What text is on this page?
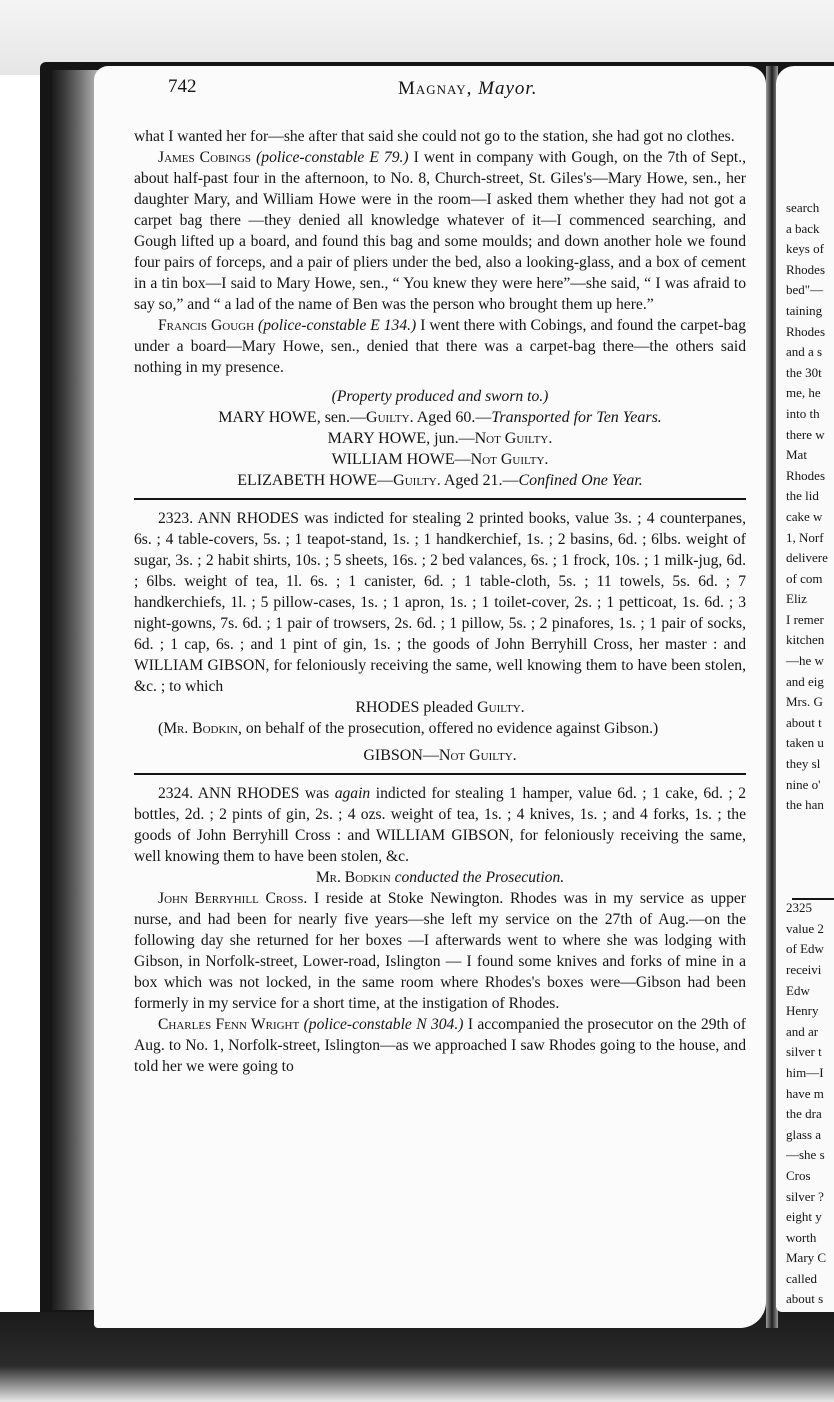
search
a back
keys of
Rhodes
bed"—
taining
Rhodes
and a s
the 30t
me, he
into th
there w
Mat
Rhodes
the lid
cake w
1, Norf
delivere
of com
Eliz
I remer
kitchen
—he w
and eig
Mrs. G
about t
taken u
they sl
nine o'
the han
2325
value 2
of Edw
receivi
Edw
Henry
and ar
silver t
him—I
have m
the dra
glass a
—she s
Cros
silver ?
eight y
worth
Mary C
called
about s
742	Magnay, Mayor.

what I wanted her for—she after that said she could not go to the station, she had got no clothes.

James Cobings (police-constable E 79.) I went in company with Gough, on the 7th of Sept., about half-past four in the afternoon, to No. 8, Church-street, St. Giles's—Mary Howe, sen., her daughter Mary, and William Howe were in the room—I asked them whether they had not got a carpet bag there —they denied all knowledge whatever of it—I commenced searching, and Gough lifted up a board, and found this bag and some moulds; and down another hole we found four pairs of forceps, and a pair of pliers under the bed, also a looking-glass, and a box of cement in a tin box—I said to Mary Howe, sen., “ You knew they were here”—she said, “ I was afraid to say so,” and “ a lad of the name of Ben was the person who brought them up here.”

Francis Gough (police-constable E 134.) I went there with Cobings, and found the carpet-bag under a board—Mary Howe, sen., denied that there was a carpet-bag there—the others said nothing in my presence.

(Property produced and sworn to.)

MARY HOWE, sen.—Guilty. Aged 60.—Transported for Ten Years.

MARY HOWE, jun.—Not Guilty.

WILLIAM HOWE—Not Guilty.

ELIZABETH HOWE—Guilty. Aged 21.—Confined One Year.

2323. ANN RHODES was indicted for stealing 2 printed books, value 3s. ; 4 counterpanes, 6s. ; 4 table-covers, 5s. ; 1 teapot-stand, 1s. ; 1 handkerchief, 1s. ; 2 basins, 6d. ; 6lbs. weight of sugar, 3s. ; 2 habit shirts, 10s. ; 5 sheets, 16s. ; 2 bed valances, 6s. ; 1 frock, 10s. ; 1 milk-jug, 6d. ; 6lbs. weight of tea, 1l. 6s. ; 1 canister, 6d. ; 1 table-cloth, 5s. ; 11 towels, 5s. 6d. ; 7 handkerchiefs, 1l. ; 5 pillow-cases, 1s. ; 1 apron, 1s. ; 1 toilet-cover, 2s. ; 1 petticoat, 1s. 6d. ; 3 night-gowns, 7s. 6d. ; 1 pair of trowsers, 2s. 6d. ; 1 pillow, 5s. ; 2 pinafores, 1s. ; 1 pair of socks, 6d. ; 1 cap, 6s. ; and 1 pint of gin, 1s. ; the goods of John Berryhill Cross, her master : and WILLIAM GIBSON, for feloniously receiving the same, well knowing them to have been stolen, &c. ; to which

RHODES pleaded Guilty.

(Mr. Bodkin, on behalf of the prosecution, offered no evidence against Gibson.)

GIBSON—Not Guilty.

2324. ANN RHODES was again indicted for stealing 1 hamper, value 6d. ; 1 cake, 6d. ; 2 bottles, 2d. ; 2 pints of gin, 2s. ; 4 ozs. weight of tea, 1s. ; 4 knives, 1s. ; and 4 forks, 1s. ; the goods of John Berryhill Cross : and WILLIAM GIBSON, for feloniously receiving the same, well knowing them to have been stolen, &c.

Mr. Bodkin conducted the Prosecution.

John Berryhill Cross. I reside at Stoke Newington. Rhodes was in my service as upper nurse, and had been for nearly five years—she left my service on the 27th of Aug.—on the following day she returned for her boxes —I afterwards went to where she was lodging with Gibson, in Norfolk-street, Lower-road, Islington — I found some knives and forks of mine in a box which was not locked, in the same room where Rhodes's boxes were—Gibson had been formerly in my service for a short time, at the instigation of Rhodes.

Charles Fenn Wright (police-constable N 304.) I accompanied the prosecutor on the 29th of Aug. to No. 1, Norfolk-street, Islington—as we approached I saw Rhodes going to the house, and told her we were going to
